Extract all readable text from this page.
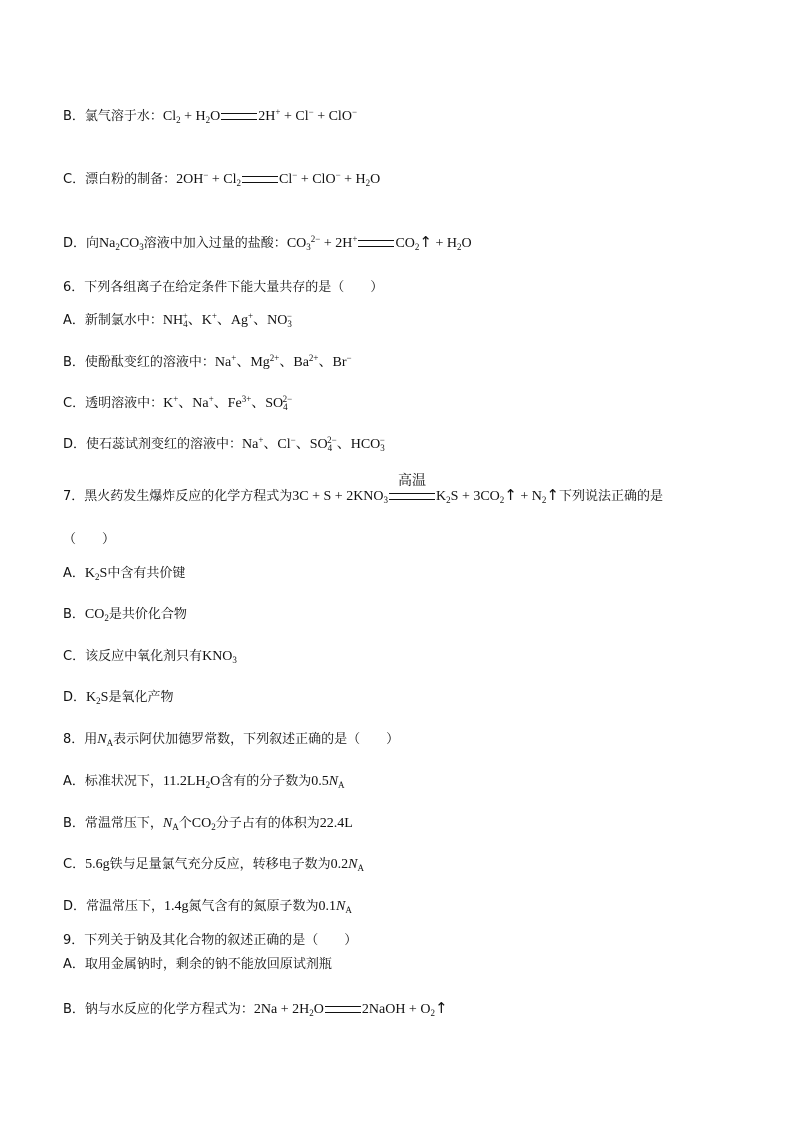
B．氯气溶于水：$Cl_2 + H_2O$	2H+ + Cl− + ClO−
C．漂白粉的制备：$2OH^- + Cl_2$	$Cl^- + ClO^- + H_2O$
D．向$Na_2CO_3$溶液中加入过量的盐酸：$CO_3^{2-} + 2H^+$	$CO_2↑ + H_2O$
6．下列各组离子在给定条件下能大量共存的是（　　）
A．新制氯水中：$NH_4^+$、K+、Ag+、$NO_3^-$
B．使酚酞变红的溶液中：Na+、$Mg^{2+}$、$Ba^{2+}$、Br−
C．透明溶液中：K+、Na+、$Fe^{3+}$、$SO_4^{2-}$
D．使石蕊试剂变红的溶液中：Na+、Cl−、$SO_4^{2-}$、$HCO_3^-$
7．黑火药发生爆炸反应的化学方程式为$3C + S + 2KNO_3$
高温
$K_2S$ + $3CO_2↑$ + $N_2↑$下列说法正确的是
（　　）
A．$K_2S$中含有共价键
B．$CO_2$是共价化合物
C．该反应中氧化剂只有$KNO_3$
D．$K_2S$是氧化产物
8．用$N_A$表示阿伏加德罗常数，下列叙述正确的是（　　）
A．标准状况下，$11.2LH_2O$含有的分子数为$0.5N_A$
B．常温常压下，$N_A$个$CO_2$分子占有的体积为22.4L
C．5.6g铁与足量氯气充分反应，转移电子数为$0.2N_A$
D．常温常压下，1.4g氮气含有的氮原子数为$0.1N_A$
9．下列关于钠及其化合物的叙述正确的是（　　）
A．取用金属钠时，剩余的钠不能放回原试剂瓶
B．钠与水反应的化学方程式为：$2Na + 2H_2O$	2NaOH + $O_2↑$
